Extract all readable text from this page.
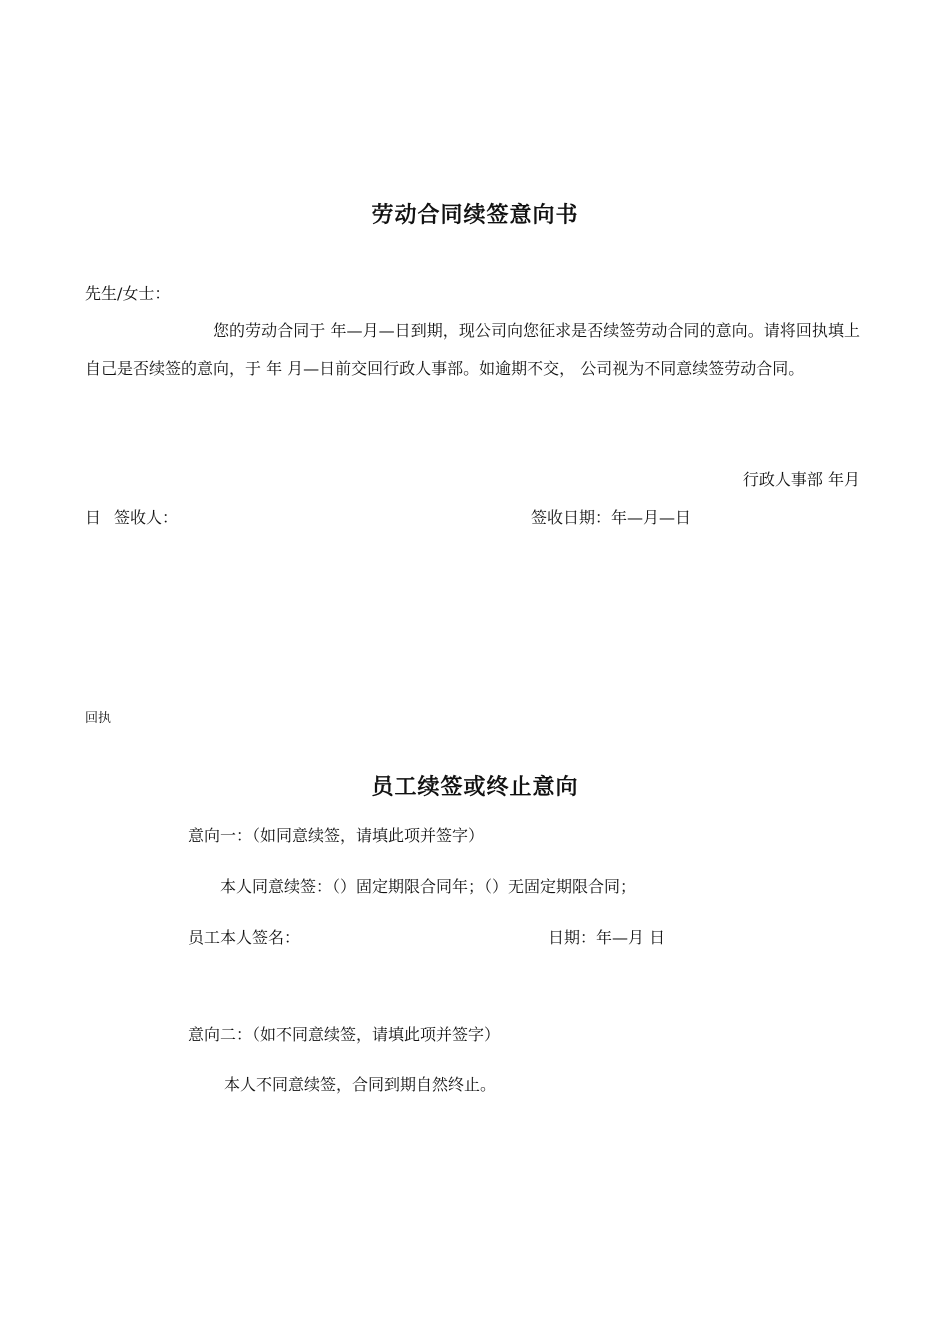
劳动合同续签意向书
先生/女士：
您的劳动合同于 年—月—日到期，现公司向您征求是否续签劳动合同的意向。请将回执填上自己是否续签的意向，于 年 月—日前交回行政人事部。如逾期不交， 公司视为不同意续签劳动合同。
行政人事部 年月
日 签收人：	签收日期：年—月—日
回执
员工续签或终止意向
意向一：（如同意续签，请填此项并签字）
本人同意续签：（）固定期限合同年；（）无固定期限合同；
员工本人签名：	日期：年—月 日
意向二：（如不同意续签，请填此项并签字）
本人不同意续签，合同到期自然终止。
